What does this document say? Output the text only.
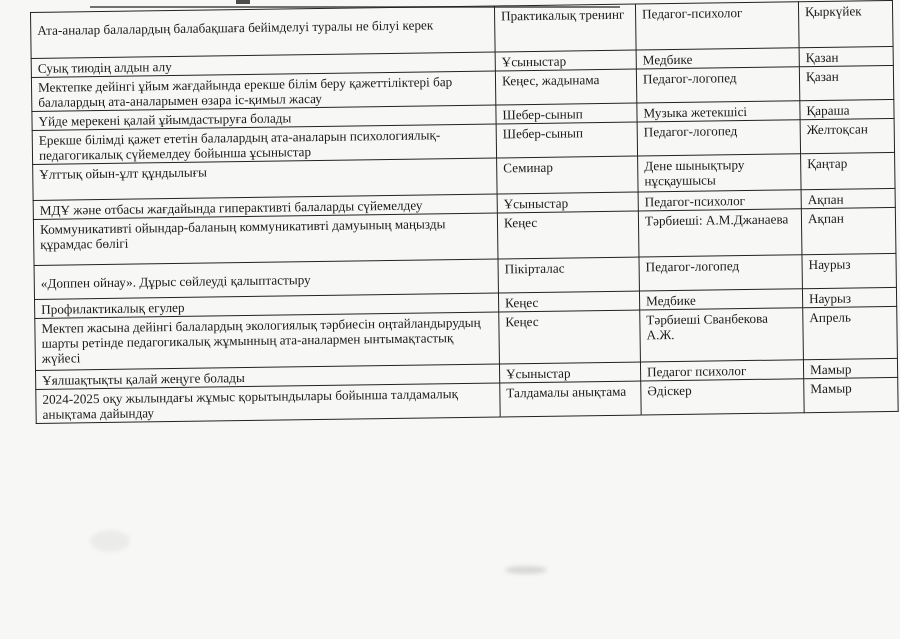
Ата-аналар балалардың балабақшаға бейімделуі туралы не білуі керек	Практикалық тренинг	Педагог-психолог	Қыркүйек
Суық тиюдің алдын алу	Ұсыныстар	Медбике	Қазан
Мектепке дейінгі ұйым жағдайында ерекше білім беру қажеттіліктері бар балалардың ата-аналарымен өзара іс-қимыл жасау	Кеңес, жадынама	Педагог-логопед	Қазан
Үйде мерекені қалай ұйымдастыруға болады	Шебер-сынып	Музыка жетекшісі	Қараша
Ерекше білімді қажет ететін балалардың ата-аналарын психологиялық-педагогикалық сүйемелдеу бойынша ұсыныстар	Шебер-сынып	Педагог-логопед	Желтоқсан
Ұлттық ойын-ұлт құндылығы	Семинар	Дене шынықтыру нұсқаушысы	Қаңтар
МДҰ және отбасы жағдайында гиперактивті балаларды сүйемелдеу	Ұсыныстар	Педагог-психолог	Ақпан
Коммуникативті ойындар-баланың коммуникативті дамуының маңызды құрамдас бөлігі	Кеңес	Тәрбиеші: А.М.Джанаева	Ақпан
«Доппен ойнау». Дұрыс сөйлеуді қалыптастыру	Пікірталас	Педагог-логопед	Наурыз
Профилактикалық егулер	Кеңес	Медбике	Наурыз
Мектеп жасына дейінгі балалардың экологиялық тәрбиесін оңтайландырудың шарты ретінде педагогикалық жұмынның ата-аналармен ынтымақтастық жүйесі	Кеңес	Тәрбиеші Сванбекова А.Ж.	Апрель
Ұялшақтықты қалай жеңуге болады	Ұсыныстар	Педагог психолог	Мамыр
2024-2025 оқу жылындағы жұмыс қорытындылары бойынша талдамалық анықтама дайындау	Талдамалы анықтама	Әдіскер	Мамыр
